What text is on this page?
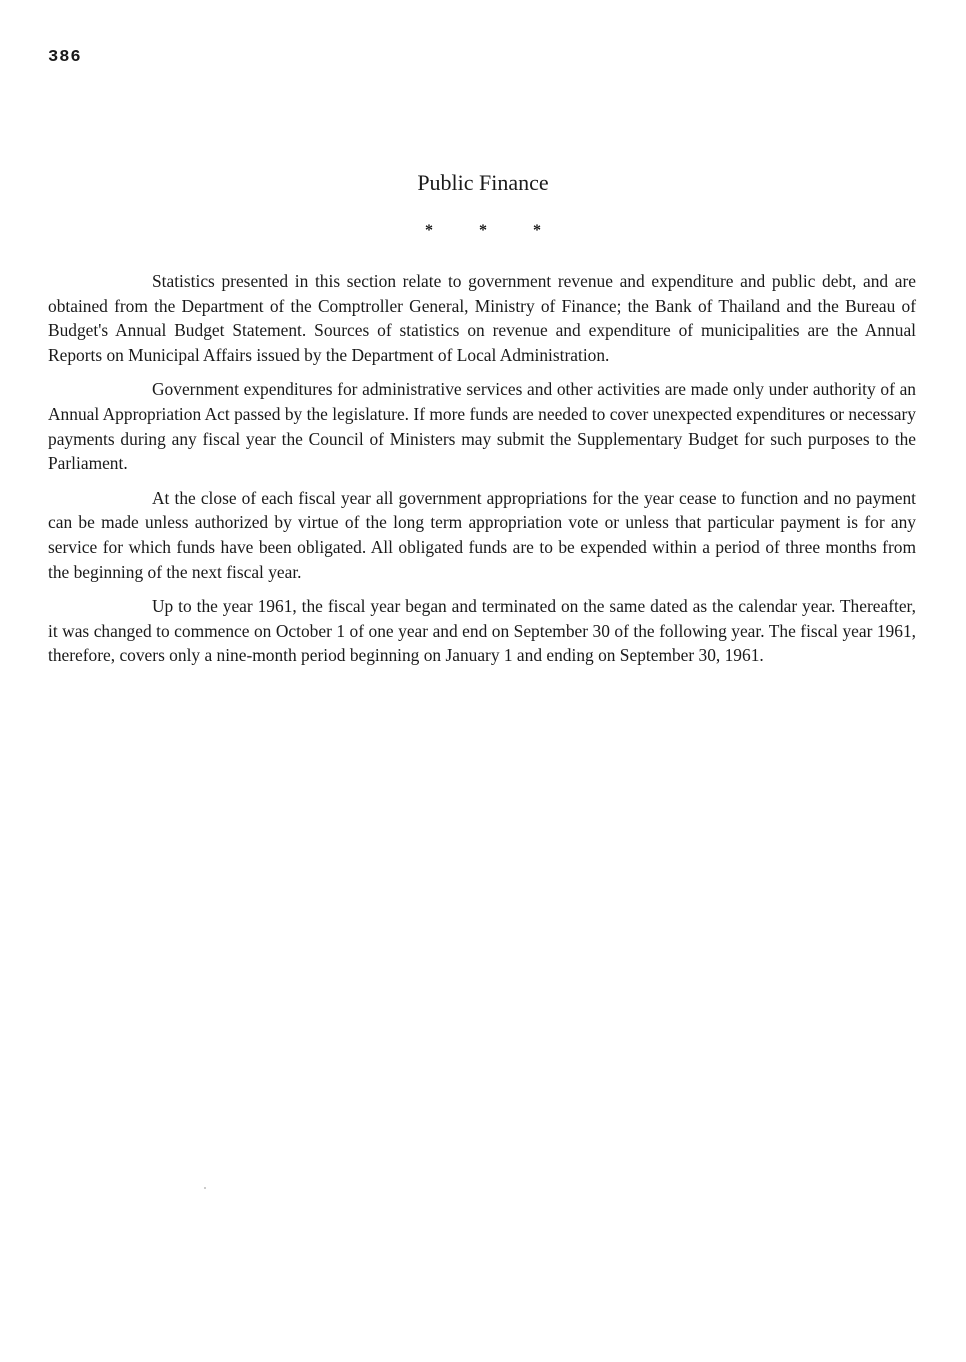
386
Public Finance
*	*	*

Statistics presented in this section relate to government revenue and expenditure and public debt, and are obtained from the Department of the Comptroller General, Ministry of Finance; the Bank of Thailand and the Bureau of Budget's Annual Budget Statement. Sources of statistics on revenue and expenditure of municipalities are the Annual Reports on Municipal Affairs issued by the Department of Local Administration.

Government expenditures for administrative services and other activities are made only under authority of an Annual Appropriation Act passed by the legislature. If more funds are needed to cover unexpected expenditures or necessary payments during any fiscal year the Council of Ministers may submit the Supplementary Budget for such purposes to the Parliament.

At the close of each fiscal year all government appropriations for the year cease to function and no payment can be made unless authorized by virtue of the long term appropriation vote or unless that particular payment is for any service for which funds have been obligated. All obligated funds are to be expended within a period of three months from the beginning of the next fiscal year.

Up to the year 1961, the fiscal year began and terminated on the same dated as the calendar year. Thereafter, it was changed to commence on October 1 of one year and end on September 30 of the following year. The fiscal year 1961, therefore, covers only a nine-month period beginning on January 1 and ending on September 30, 1961.
